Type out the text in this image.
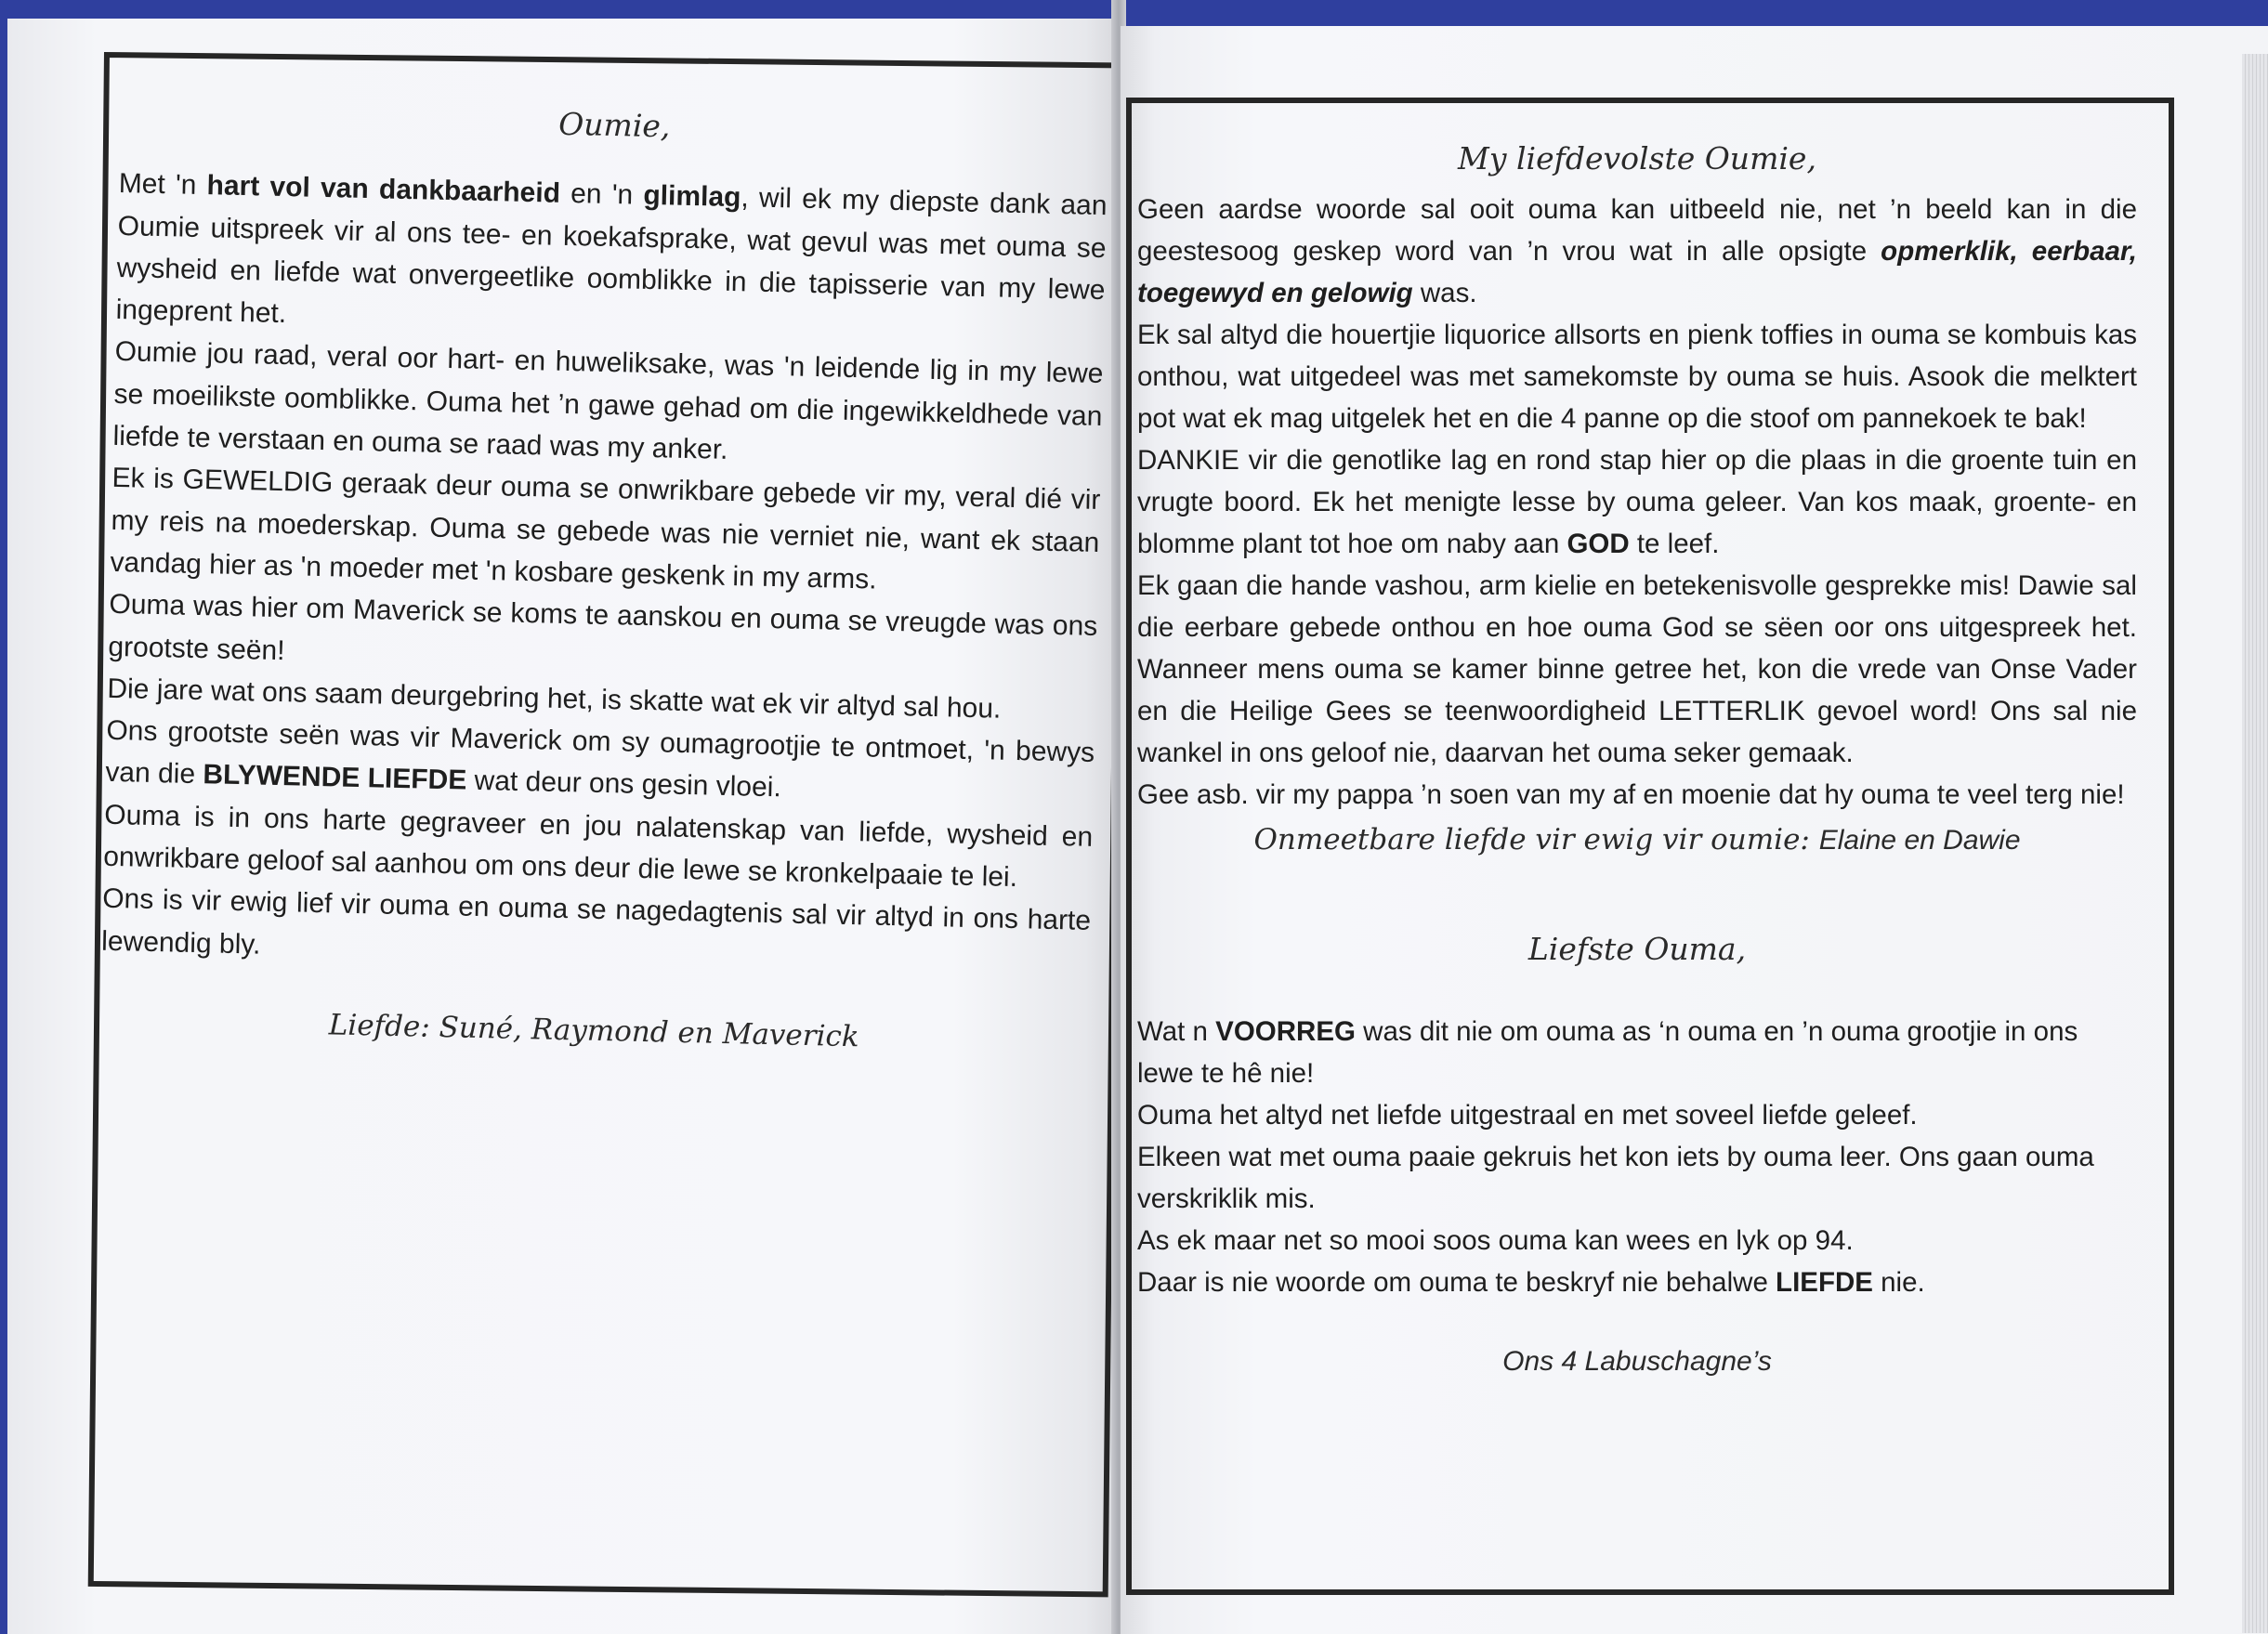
Oumie,

Met 'n hart vol van dankbaarheid en 'n glimlag, wil ek my diepste dank aan Oumie uitspreek vir al ons tee- en koekafsprake, wat gevul was met ouma se wysheid en liefde wat onvergeetlike oomblikke in die tapisserie van my lewe ingeprent het.

Oumie jou raad, veral oor hart- en huweliksake, was 'n leidende lig in my lewe se moeilikste oomblikke. Ouma het ’n gawe gehad om die ingewikkeldhede van liefde te verstaan en ouma se raad was my anker.

Ek is GEWELDIG geraak deur ouma se onwrikbare gebede vir my, veral dié vir my reis na moederskap. Ouma se gebede was nie verniet nie, want ek staan vandag hier as 'n moeder met 'n kosbare geskenk in my arms.

Ouma was hier om Maverick se koms te aanskou en ouma se vreugde was ons grootste seën!

Die jare wat ons saam deurgebring het, is skatte wat ek vir altyd sal hou.

Ons grootste seën was vir Maverick om sy oumagrootjie te ontmoet, 'n bewys van die BLYWENDE LIEFDE wat deur ons gesin vloei.

Ouma is in ons harte gegraveer en jou nalatenskap van liefde, wysheid en onwrikbare geloof sal aanhou om ons deur die lewe se kronkelpaaie te lei.

Ons is vir ewig lief vir ouma en ouma se nagedagtenis sal vir altyd in ons harte lewendig bly.

Liefde: Suné, Raymond en Maverick
My liefdevolste Oumie,

Geen aardse woorde sal ooit ouma kan uitbeeld nie, net ’n beeld kan in die geestesoog geskep word van ’n vrou wat in alle opsigte opmerklik, eerbaar, toegewyd en gelowig was.

Ek sal altyd die houertjie liquorice allsorts en pienk toffies in ouma se kombuis kas onthou, wat uitgedeel was met samekomste by ouma se huis. Asook die melktert pot wat ek mag uitgelek het en die 4 panne op die stoof om pannekoek te bak!

DANKIE vir die genotlike lag en rond stap hier op die plaas in die groente tuin en vrugte boord. Ek het menigte lesse by ouma geleer. Van kos maak, groente- en blomme plant tot hoe om naby aan GOD te leef.

Ek gaan die hande vashou, arm kielie en betekenisvolle gesprekke mis! Dawie sal die eerbare gebede onthou en hoe ouma God se sëen oor ons uitgespreek het. Wanneer mens ouma se kamer binne getree het, kon die vrede van Onse Vader en die Heilige Gees se teenwoordigheid LETTERLIK gevoel word! Ons sal nie wankel in ons geloof nie, daarvan het ouma seker gemaak.

Gee asb. vir my pappa ’n soen van my af en moenie dat hy ouma te veel terg nie!

Onmeetbare liefde vir ewig vir oumie: Elaine en Dawie
Liefste Ouma,

Wat n VOORREG was dit nie om ouma as ‘n ouma en ’n ouma grootjie in ons lewe te hê nie!

Ouma het altyd net liefde uitgestraal en met soveel liefde geleef.

Elkeen wat met ouma paaie gekruis het kon iets by ouma leer. Ons gaan ouma verskriklik mis.

As ek maar net so mooi soos ouma kan wees en lyk op 94.

Daar is nie woorde om ouma te beskryf nie behalwe LIEFDE nie.

Ons 4 Labuschagne’s
